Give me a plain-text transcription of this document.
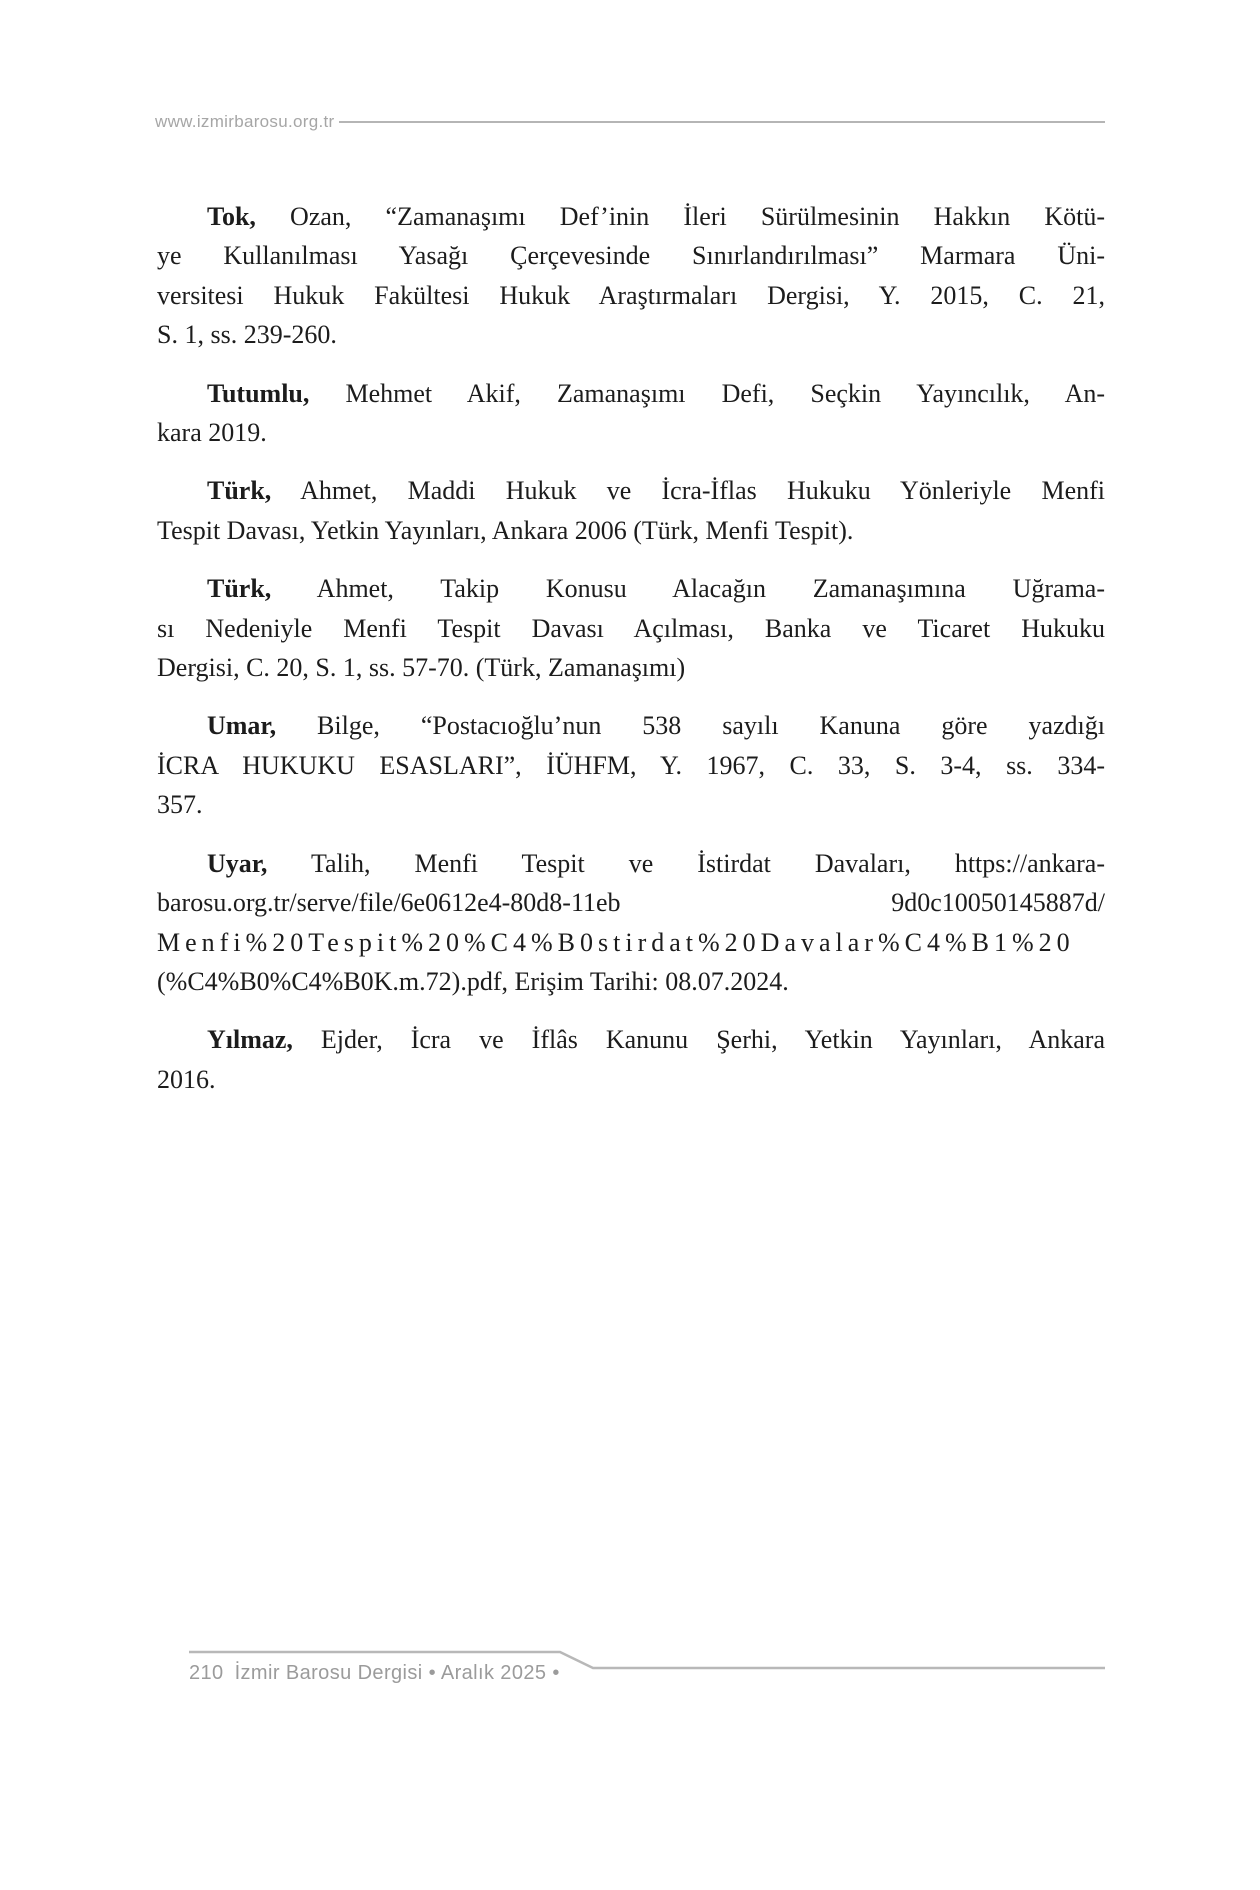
www.izmirbarosu.org.tr
Tok, Ozan, “Zamanaşımı Def’inin İleri Sürülmesinin Hakkın Kötü-
ye Kullanılması Yasağı Çerçevesinde Sınırlandırılması” Marmara Üni-
versitesi Hukuk Fakültesi Hukuk Araştırmaları Dergisi, Y. 2015, C. 21,
S. 1, ss. 239-260.
Tutumlu, Mehmet Akif, Zamanaşımı Defi, Seçkin Yayıncılık, An-
kara 2019.
Türk, Ahmet, Maddi Hukuk ve İcra-İflas Hukuku Yönleriyle Menfi
Tespit Davası, Yetkin Yayınları, Ankara 2006 (Türk, Menfi Tespit).
Türk, Ahmet, Takip Konusu Alacağın Zamanaşımına Uğrama-
sı Nedeniyle Menfi Tespit Davası Açılması, Banka ve Ticaret Hukuku
Dergisi, C. 20, S. 1, ss. 57-70. (Türk, Zamanaşımı)
Umar, Bilge, “Postacıoğlu’nun 538 sayılı Kanuna göre yazdığı
İCRA HUKUKU ESASLARI”, İÜHFM, Y. 1967, C. 33, S. 3-4, ss. 334-
357.
Uyar, Talih, Menfi Tespit ve İstirdat Davaları, https://ankara-
barosu.org.tr/serve/file/6e0612e4-80d8-11eb 9d0c10050145887d/
Menfi%20Tespit%20%C4%B0stirdat%20Davalar%C4%B1%20
(%C4%B0%C4%B0K.m.72).pdf, Erişim Tarihi: 08.07.2024.
Yılmaz, Ejder, İcra ve İflâs Kanunu Şerhi, Yetkin Yayınları, Ankara
2016.
210 İzmir Barosu Dergisi • Aralık 2025 •
